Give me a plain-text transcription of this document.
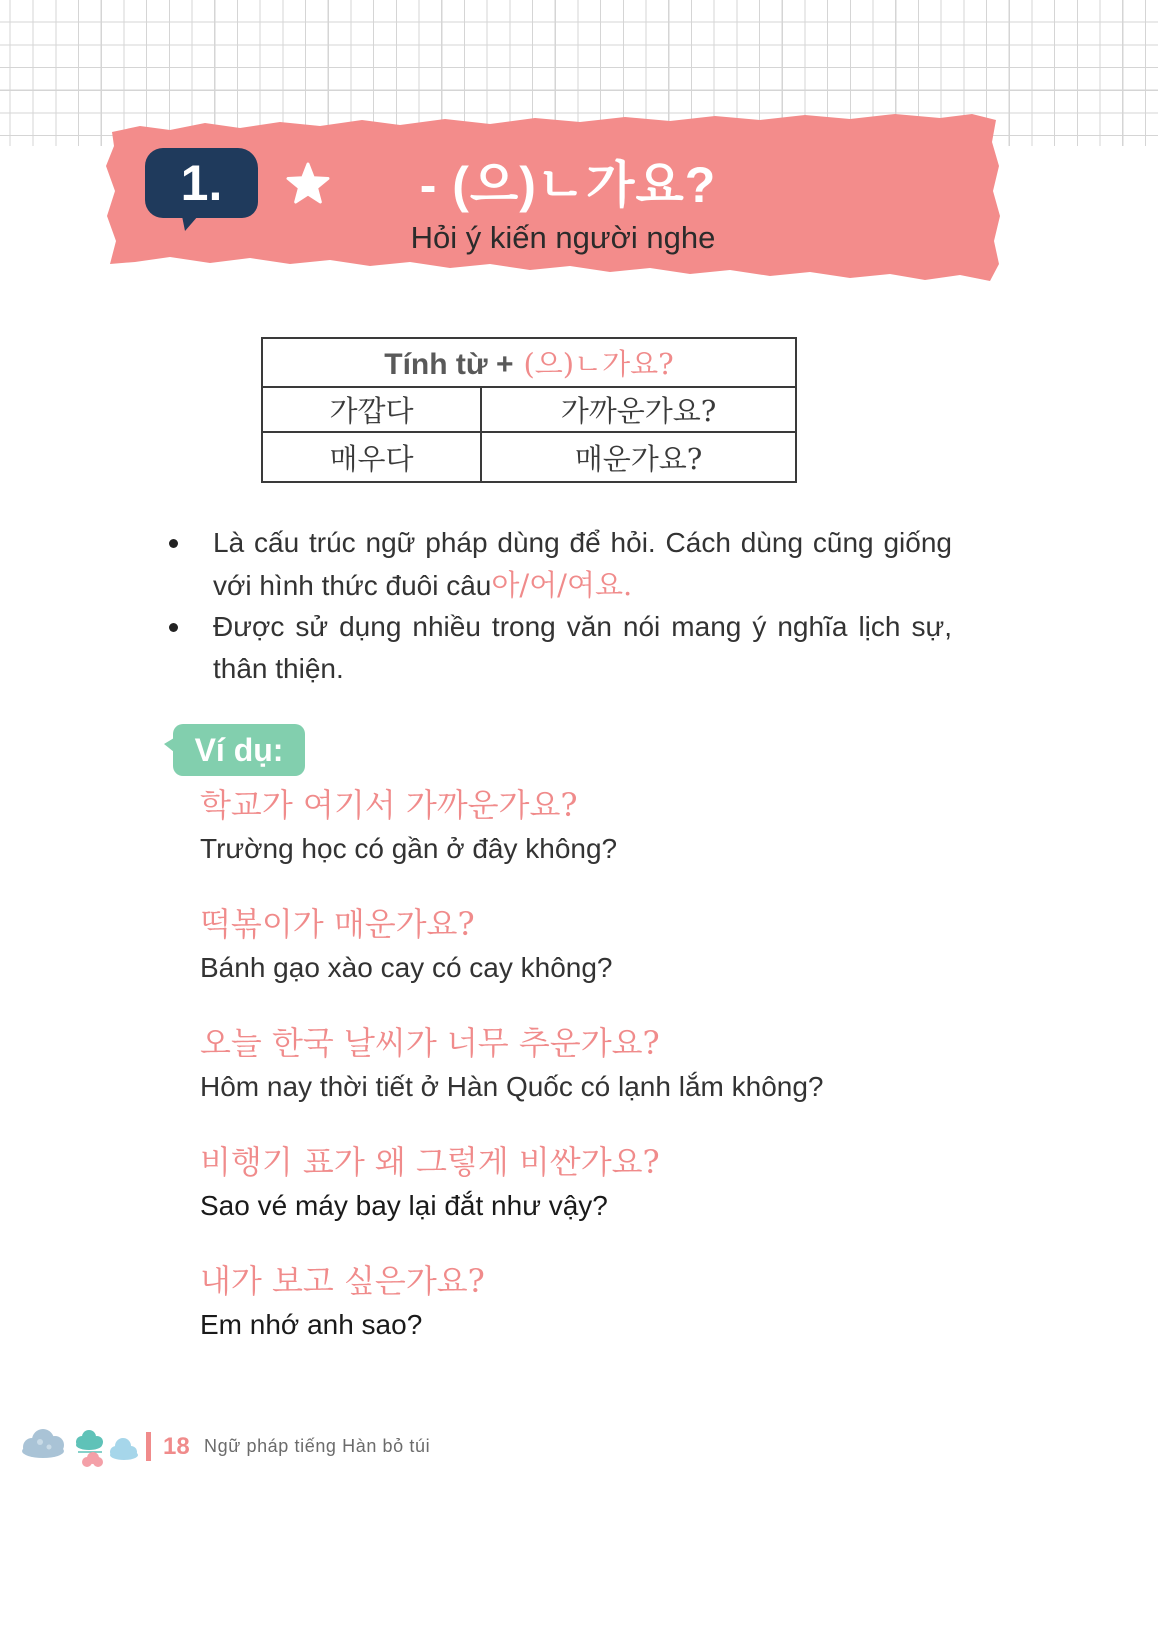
1.	- (으)ㄴ가요?
Hỏi ý kiến người nghe
Tính từ + (으)ㄴ가요?	
가깝다	가까운가요?
매우다	매운가요?
Là cấu trúc ngữ pháp dùng để hỏi. Cách dùng cũng giống
với hình thức đuôi câu아/어/여요.
Được sử dụng nhiều trong văn nói mang ý nghĩa lịch sự,
thân thiện.
Ví dụ:
학교가 여기서 가까운가요?
Trường học có gần ở đây không?
떡볶이가 매운가요?
Bánh gạo xào cay có cay không?
오늘 한국 날씨가 너무 추운가요?
Hôm nay thời tiết ở Hàn Quốc có lạnh lắm không?
비행기 표가 왜 그렇게 비싼가요?
Sao vé máy bay lại đắt như vậy?
내가 보고 싶은가요?
Em nhớ anh sao?
18 Ngữ pháp tiếng Hàn bỏ túi
